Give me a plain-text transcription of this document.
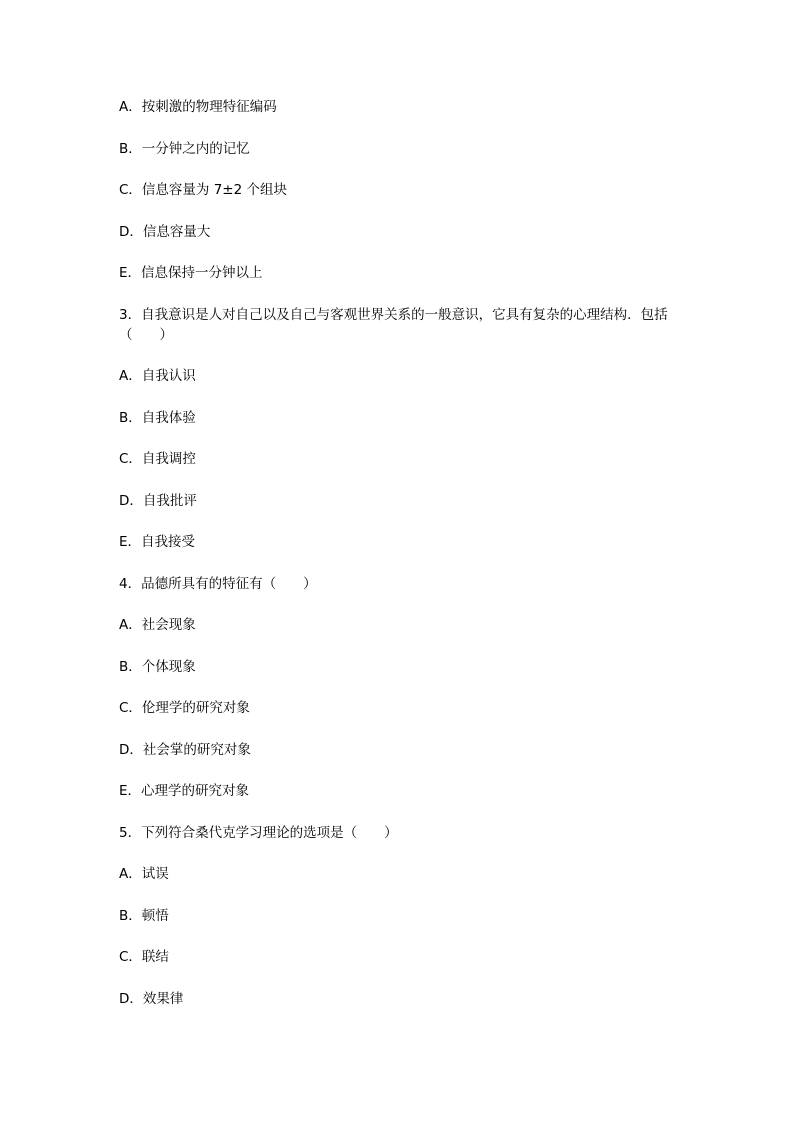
A．按刺激的物理特征编码
B．一分钟之内的记忆
C．信息容量为 7±2 个组块
D．信息容量大
E．信息保持一分钟以上
3．自我意识是人对自己以及自己与客观世界关系的一般意识，它具有复杂的心理结构．包括（　　）
A．自我认识
B．自我体验
C．自我调控
D．自我批评
E．自我接受
4．品德所具有的特征有（　　）
A．社会现象
B．个体现象
C．伦理学的研究对象
D．社会掌的研究对象
E．心理学的研究对象
5．下列符合桑代克学习理论的选项是（　　）
A．试误
B．顿悟
C．联结
D．效果律
